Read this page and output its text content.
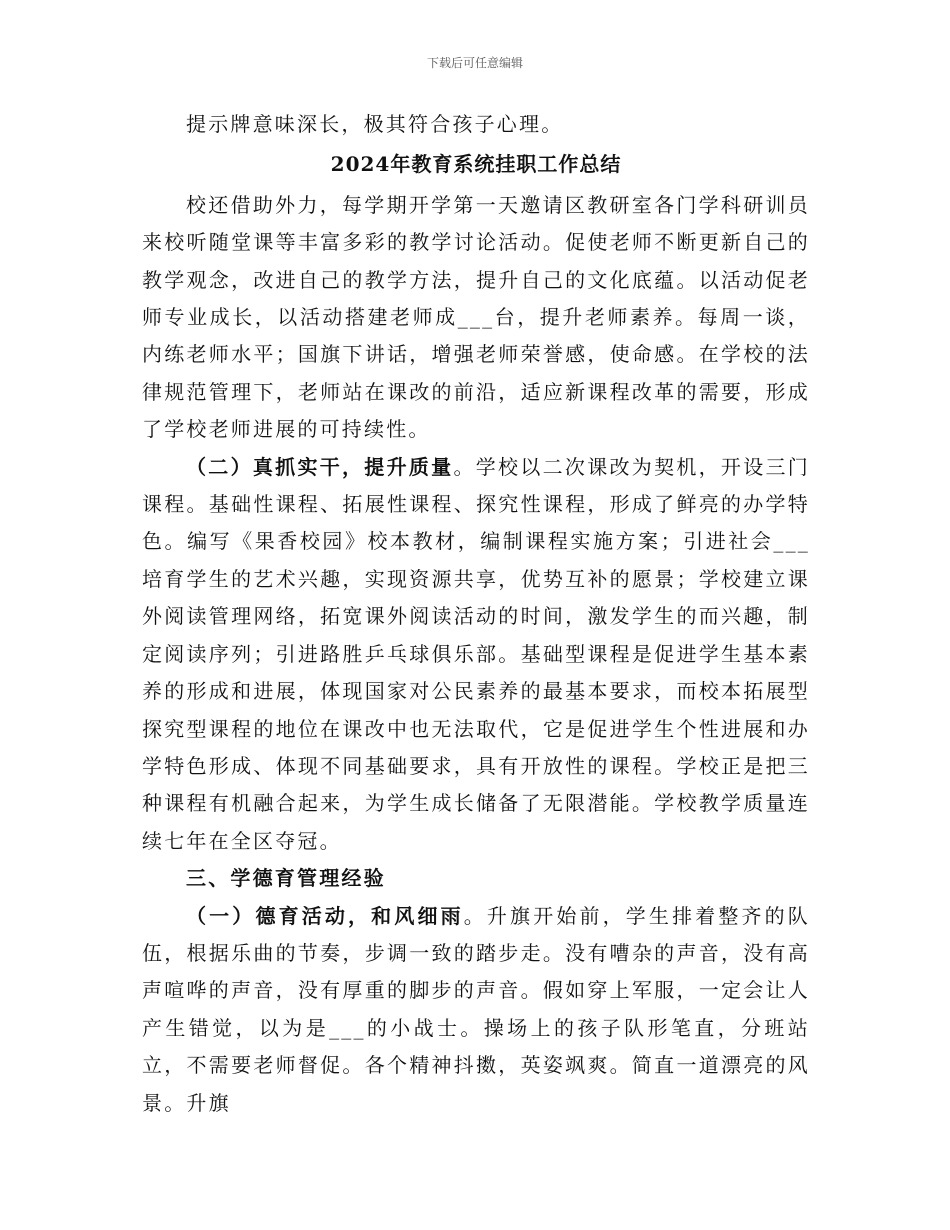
下载后可任意编辑

提示牌意味深长，极其符合孩子心理。

2024年教育系统挂职工作总结

校还借助外力，每学期开学第一天邀请区教研室各门学科研训员来校听随堂课等丰富多彩的教学讨论活动。促使老师不断更新自己的教学观念，改进自己的教学方法，提升自己的文化底蕴。以活动促老师专业成长，以活动搭建老师成___台，提升老师素养。每周一谈，内练老师水平；国旗下讲话，增强老师荣誉感，使命感。在学校的法律规范管理下，老师站在课改的前沿，适应新课程改革的需要，形成了学校老师进展的可持续性。

（二）真抓实干，提升质量。学校以二次课改为契机，开设三门课程。基础性课程、拓展性课程、探究性课程，形成了鲜亮的办学特色。编写《果香校园》校本教材，编制课程实施方案；引进社会___培育学生的艺术兴趣，实现资源共享，优势互补的愿景；学校建立课外阅读管理网络，拓宽课外阅读活动的时间，激发学生的而兴趣，制定阅读序列；引进路胜乒乓球俱乐部。基础型课程是促进学生基本素养的形成和进展，体现国家对公民素养的最基本要求，而校本拓展型探究型课程的地位在课改中也无法取代，它是促进学生个性进展和办学特色形成、体现不同基础要求，具有开放性的课程。学校正是把三种课程有机融合起来，为学生成长储备了无限潜能。学校教学质量连续七年在全区夺冠。

三、学德育管理经验

（一）德育活动，和风细雨。升旗开始前，学生排着整齐的队伍，根据乐曲的节奏，步调一致的踏步走。没有嘈杂的声音，没有高声喧哗的声音，没有厚重的脚步的声音。假如穿上军服，一定会让人产生错觉，以为是___的小战士。操场上的孩子队形笔直，分班站立，不需要老师督促。各个精神抖擞，英姿飒爽。简直一道漂亮的风景。升旗
